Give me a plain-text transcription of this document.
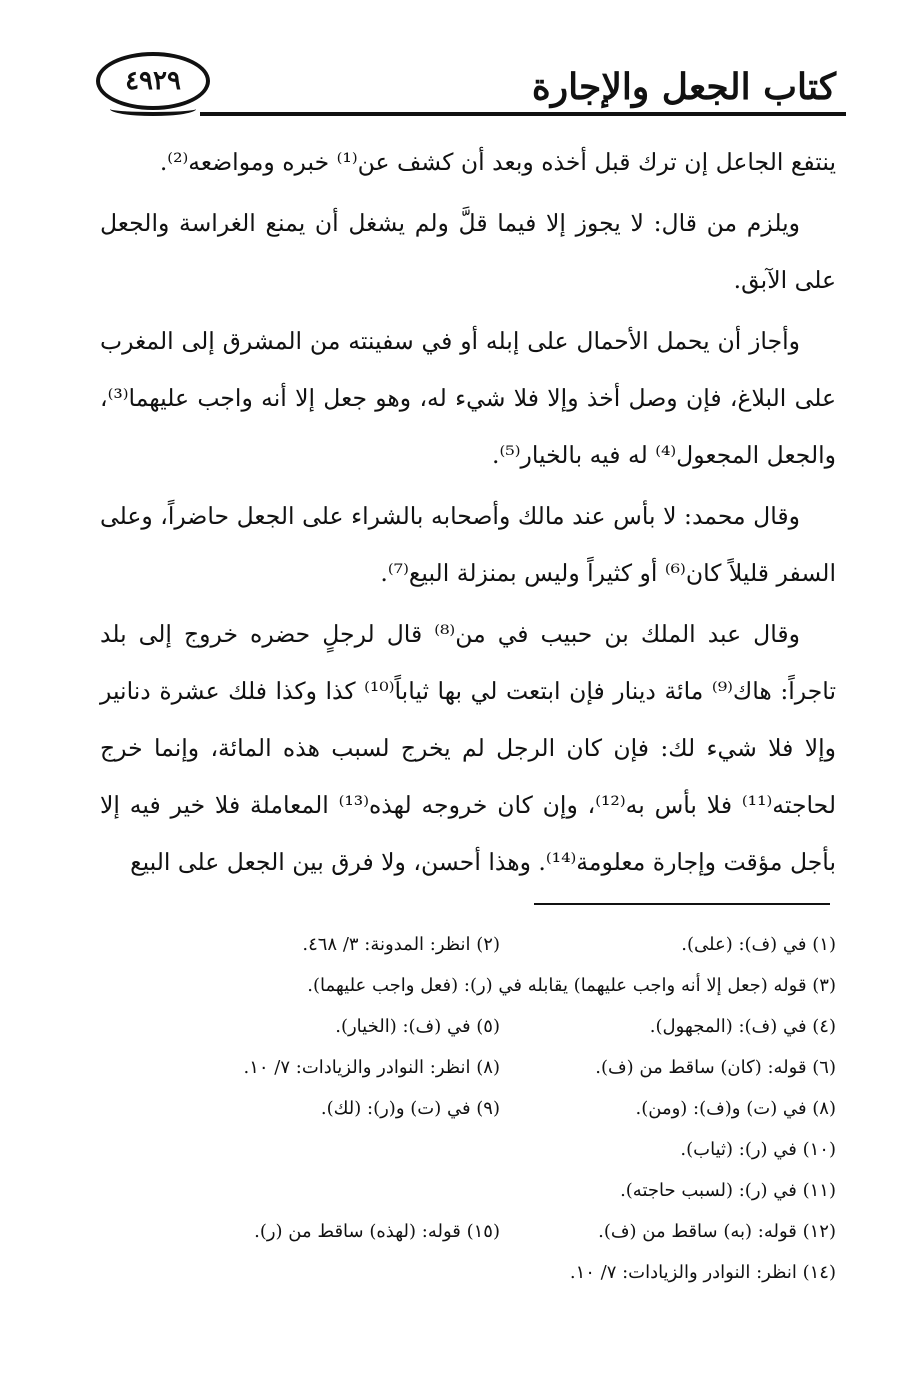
٤٩٢٩	كتاب الجعل والإجارة

ينتفع الجاعل إن ترك قبل أخذه وبعد أن كشف عن⁽¹⁾ خبره ومواضعه⁽²⁾.

ويلزم من قال: لا يجوز إلا فيما قلَّ ولم يشغل أن يمنع الغراسة والجعل على الآبق.

وأجاز أن يحمل الأحمال على إبله أو في سفينته من المشرق إلى المغرب على البلاغ، فإن وصل أخذ وإلا فلا شيء له، وهو جعل إلا أنه واجب عليهما⁽³⁾، والجعل المجعول⁽⁴⁾ له فيه بالخيار⁽⁵⁾.

وقال محمد: لا بأس عند مالك وأصحابه بالشراء على الجعل حاضراً، وعلى السفر قليلاً كان⁽⁶⁾ أو كثيراً وليس بمنزلة البيع⁽⁷⁾.

وقال عبد الملك بن حبيب في من⁽⁸⁾ قال لرجلٍ حضره خروج إلى بلد تاجراً: هاك⁽⁹⁾ مائة دينار فإن ابتعت لي بها ثياباً⁽¹⁰⁾ كذا وكذا فلك عشرة دنانير وإلا فلا شيء لك: فإن كان الرجل لم يخرج لسبب هذه المائة، وإنما خرج لحاجته⁽¹¹⁾ فلا بأس به⁽¹²⁾، وإن كان خروجه لهذه⁽¹³⁾ المعاملة فلا خير فيه إلا بأجل مؤقت وإجارة معلومة⁽¹⁴⁾. وهذا أحسن، ولا فرق بين الجعل على البيع

(١) في (ف): (على).
(٢) انظر: المدونة: ٣/ ٤٦٨.
(٣) قوله (جعل إلا أنه واجب عليهما) يقابله في (ر): (فعل واجب عليهما).
(٤) في (ف): (المجهول).
(٥) في (ف): (الخيار).
(٦) قوله: (كان) ساقط من (ف).
(٨) انظر: النوادر والزيادات: ٧/ ١٠.
(٨) في (ت) و(ف): (ومن).
(٩) في (ت) و(ر): (لك).
(١٠) في (ر): (ثياب).
(١١) في (ر): (لسبب حاجته).
(١٢) قوله: (به) ساقط من (ف).
(١٥) قوله: (لهذه) ساقط من (ر).
(١٤) انظر: النوادر والزيادات: ٧/ ١٠.
